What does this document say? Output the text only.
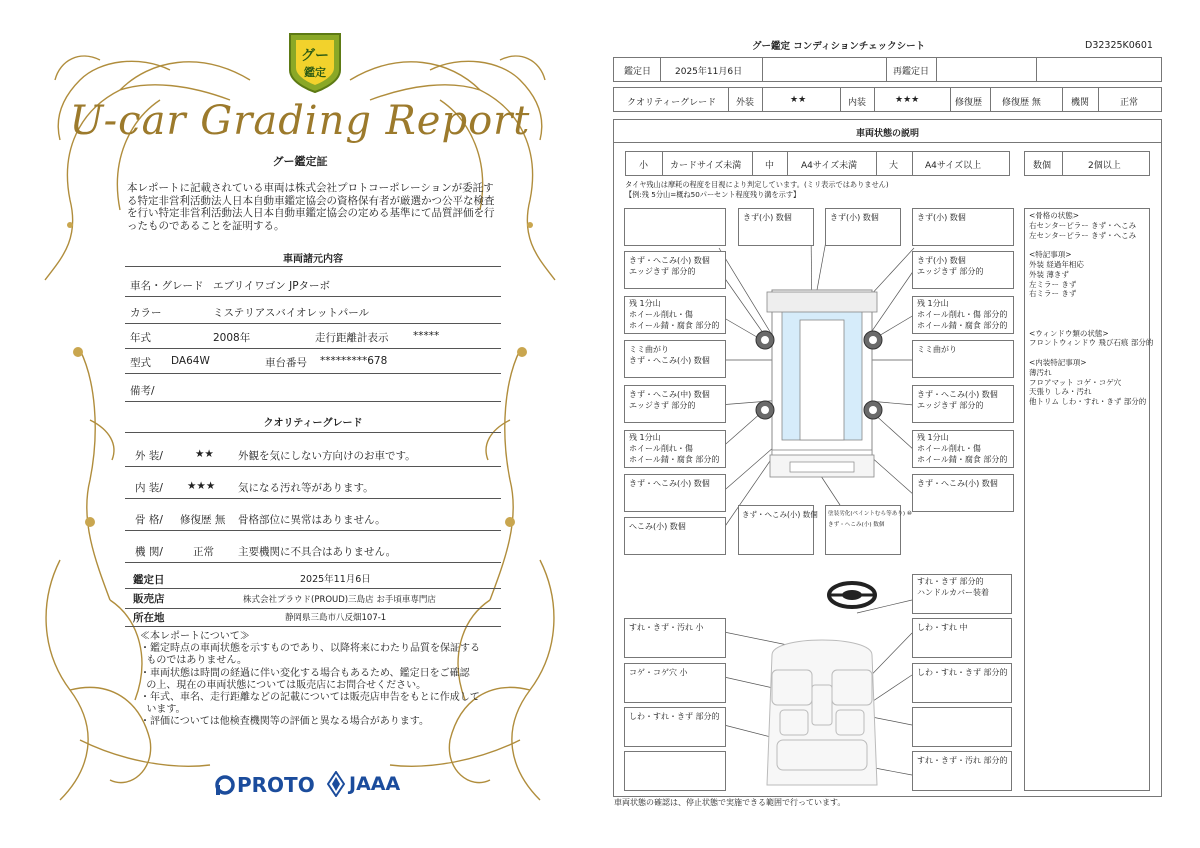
グー
鑑定
U-car Grading Report
グー鑑定証
本レポートに記載されている車両は株式会社プロトコーポレーションが委託する特定非営利活動法人日本自動車鑑定協会の資格保有者が厳選かつ公平な検査を行い特定非営利活動法人日本自動車鑑定協会の定める基準にて品質評価を行ったものであることを証明する。
車両諸元内容
車名・グレード エブリイワゴン JPターボ
カラー	ミステリアスバイオレットパール
年式	2008年	走行距離計表示 *****
型式 DA64W	車台番号 *********678
備考/
クオリティーグレード
外 装/	★★ 外観を気にしない方向けのお車です。
内 装/ ★★★ 気になる汚れ等があります。
骨 格/ 修復歴 無 骨格部位に異常はありません。
機 関/	正常 主要機関に不具合はありません。
鑑定日	2025年11月6日
販売店	株式会社プラウド(PROUD)三島店 お手頃車専門店
所在地	静岡県三島市八反畑107-1
≪本レポートについて≫
・鑑定時点の車両状態を示すものであり、以降将来にわたり品質を保証する
ものではありません。
・車両状態は時間の経過に伴い変化する場合もあるため、鑑定日をご確認
の上、現在の車両状態については販売店にお問合せください。
・年式、車名、走行距離などの記載については販売店申告をもとに作成して
います。
・評価については他検査機関等の評価と異なる場合があります。
PROTO JAAA
グー鑑定 コンディションチェックシート	D32325K0601
鑑定日	2025年11月6日	再鑑定日
クオリティーグレード 外装	★★	内装	★★★	修復歴 修復歴 無	機関	正常
車両状態の説明
小 カードサイズ未満	中	A4サイズ未満	大	A4サイズ以上	数個	2個以上
タイヤ残山は摩耗の程度を目視により判定しています。(ミリ表示ではありません)
【例:残 5分山=概ね50パーセント程度残り溝を示す】
きず・へこみ(小) 数個
エッジきず 部分的
残 1分山
ホイール削れ・傷
ホイール錆・腐食 部分的
ミミ曲がり
きず・へこみ(小) 数個
きず・へこみ(中) 数個
エッジきず 部分的
残 1分山
ホイール削れ・傷
ホイール錆・腐食 部分的
きず・へこみ(小) 数個
へこみ(小) 数個
きず(小) 数個	きず(小) 数個	きず(小) 数個
きず(小) 数個
エッジきず 部分的
残 1分山
ホイール削れ・傷 部分的
ホイール錆・腐食 部分的
ミミ曲がり
きず・へこみ(小) 数個
エッジきず 部分的
残 1分山
ホイール削れ・傷
ホイール錆・腐食 部分的
きず・へこみ(小) 数個
きず・へこみ(小) 数個 塗装劣化(ペイントむら等あり) ⑩
きず・へこみ(小) 数個
<骨格の状態>
右センターピラー きず・へこみ
左センターピラー きず・へこみ
<特記事項>
外装 経過年相応
外装 薄きず
左ミラー きず
右ミラー きず
<ウィンドウ類の状態>
フロントウィンドウ 飛び石痕 部分的
<内装特記事項>
薄汚れ
フロアマット コゲ・コゲ穴
天張り しみ・汚れ
他トリム しわ・すれ・きず 部分的
すれ・きず・汚れ 小
コゲ・コゲ穴 小
しわ・すれ・きず 部分的
すれ・きず 部分的
ハンドルカバー装着
しわ・すれ 中
しわ・すれ・きず 部分的
すれ・きず・汚れ 部分的
車両状態の確認は、停止状態で実施できる範囲で行っています。
